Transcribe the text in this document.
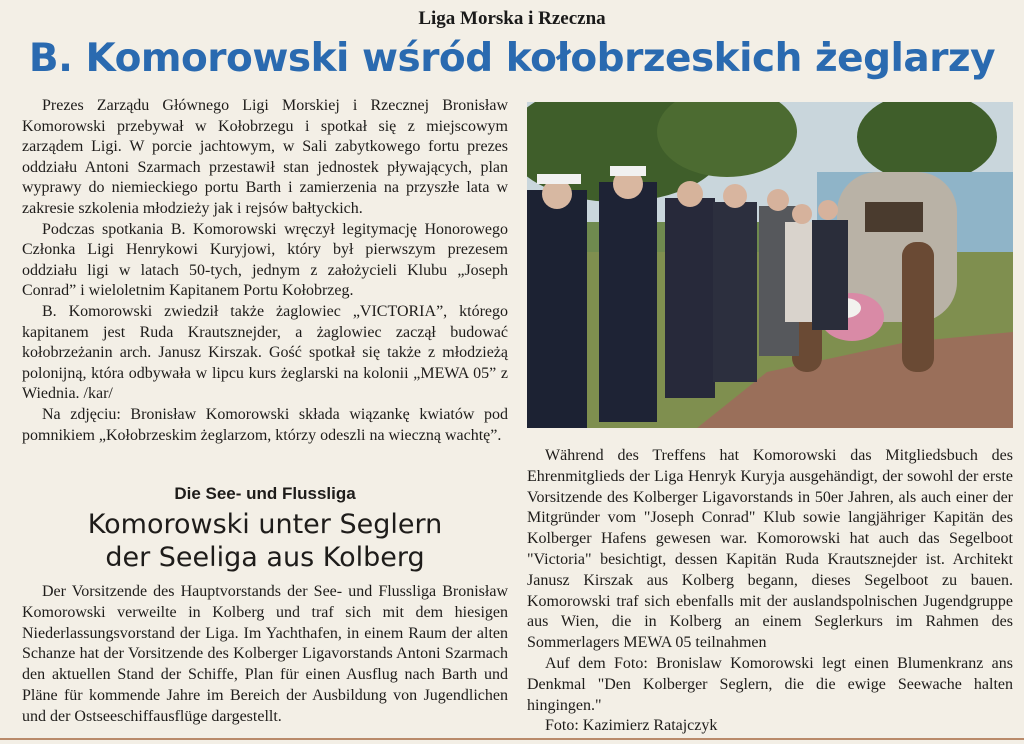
Liga Morska i Rzeczna
B. Komorowski wśród kołobrzeskich żeglarzy

Prezes Zarządu Głównego Ligi Morskiej i Rzecznej Bronisław Komorowski przebywał w Kołobrzegu i spotkał się z miejscowym zarządem Ligi. W porcie jachtowym, w Sali zabytkowego fortu prezes oddziału Antoni Szarmach przestawił stan jednostek pływających, plan wyprawy do niemieckiego portu Barth i zamierzenia na przyszłe lata w zakresie szkolenia młodzieży jak i rejsów bałtyckich.

Podczas spotkania B. Komorowski wręczył legitymację Honorowego Członka Ligi Henrykowi Kuryjowi, który był pierwszym prezesem oddziału ligi w latach 50-tych, jednym z założycieli Klubu „Joseph Conrad” i wieloletnim Kapitanem Portu Kołobrzeg.

B. Komorowski zwiedził także żaglowiec „VICTORIA”, którego kapitanem jest Ruda Krautsznejder, a żaglowiec zaczął budować kołobrzeżanin arch. Janusz Kirszak. Gość spotkał się także z młodzieżą polonijną, która odbywała w lipcu kurs żeglarski na kolonii „MEWA 05” z Wiednia. /kar/

Na zdjęciu: Bronisław Komorowski składa wiązankę kwiatów pod pomnikiem „Kołobrzeskim żeglarzom, którzy odeszli na wieczną wachtę”.

Die See- und Flussliga
Komorowski unter Seglern
der Seeliga aus Kolberg

Der Vorsitzende des Hauptvorstands der See- und Flussliga Bronisław Komorowski verweilte in Kolberg und traf sich mit dem hiesigen Niederlassungsvorstand der Liga. Im Yachthafen, in einem Raum der alten Schanze hat der Vorsitzende des Kolberger Ligavorstands Antoni Szarmach den aktuellen Stand der Schiffe, Plan für einen Ausflug nach Barth und Pläne für kommende Jahre im Bereich der Ausbildung von Jugendlichen und der Ostseeschiffausflüge dargestellt.

Während des Treffens hat Komorowski das Mitgliedsbuch des Ehrenmitglieds der Liga Henryk Kuryja ausgehändigt, der sowohl der erste Vorsitzende des Kolberger Ligavorstands in 50er Jahren, als auch einer der Mitgründer vom "Joseph Conrad" Klub sowie langjähriger Kapitän des Kolberger Hafens gewesen war. Komorowski hat auch das Segelboot "Victoria" besichtigt, dessen Kapitän Ruda Krautsznejder ist. Architekt Janusz Kirszak aus Kolberg begann, dieses Segelboot zu bauen. Komorowski traf sich ebenfalls mit der auslandspolnischen Jugendgruppe aus Wien, die in Kolberg an einem Seglerkurs im Rahmen des Sommerlagers MEWA 05 teilnahmen

Auf dem Foto: Bronislaw Komorowski legt einen Blumenkranz ans Denkmal "Den Kolberger Seglern, die die ewige Seewache halten hingingen."

Foto: Kazimierz Ratajczyk
